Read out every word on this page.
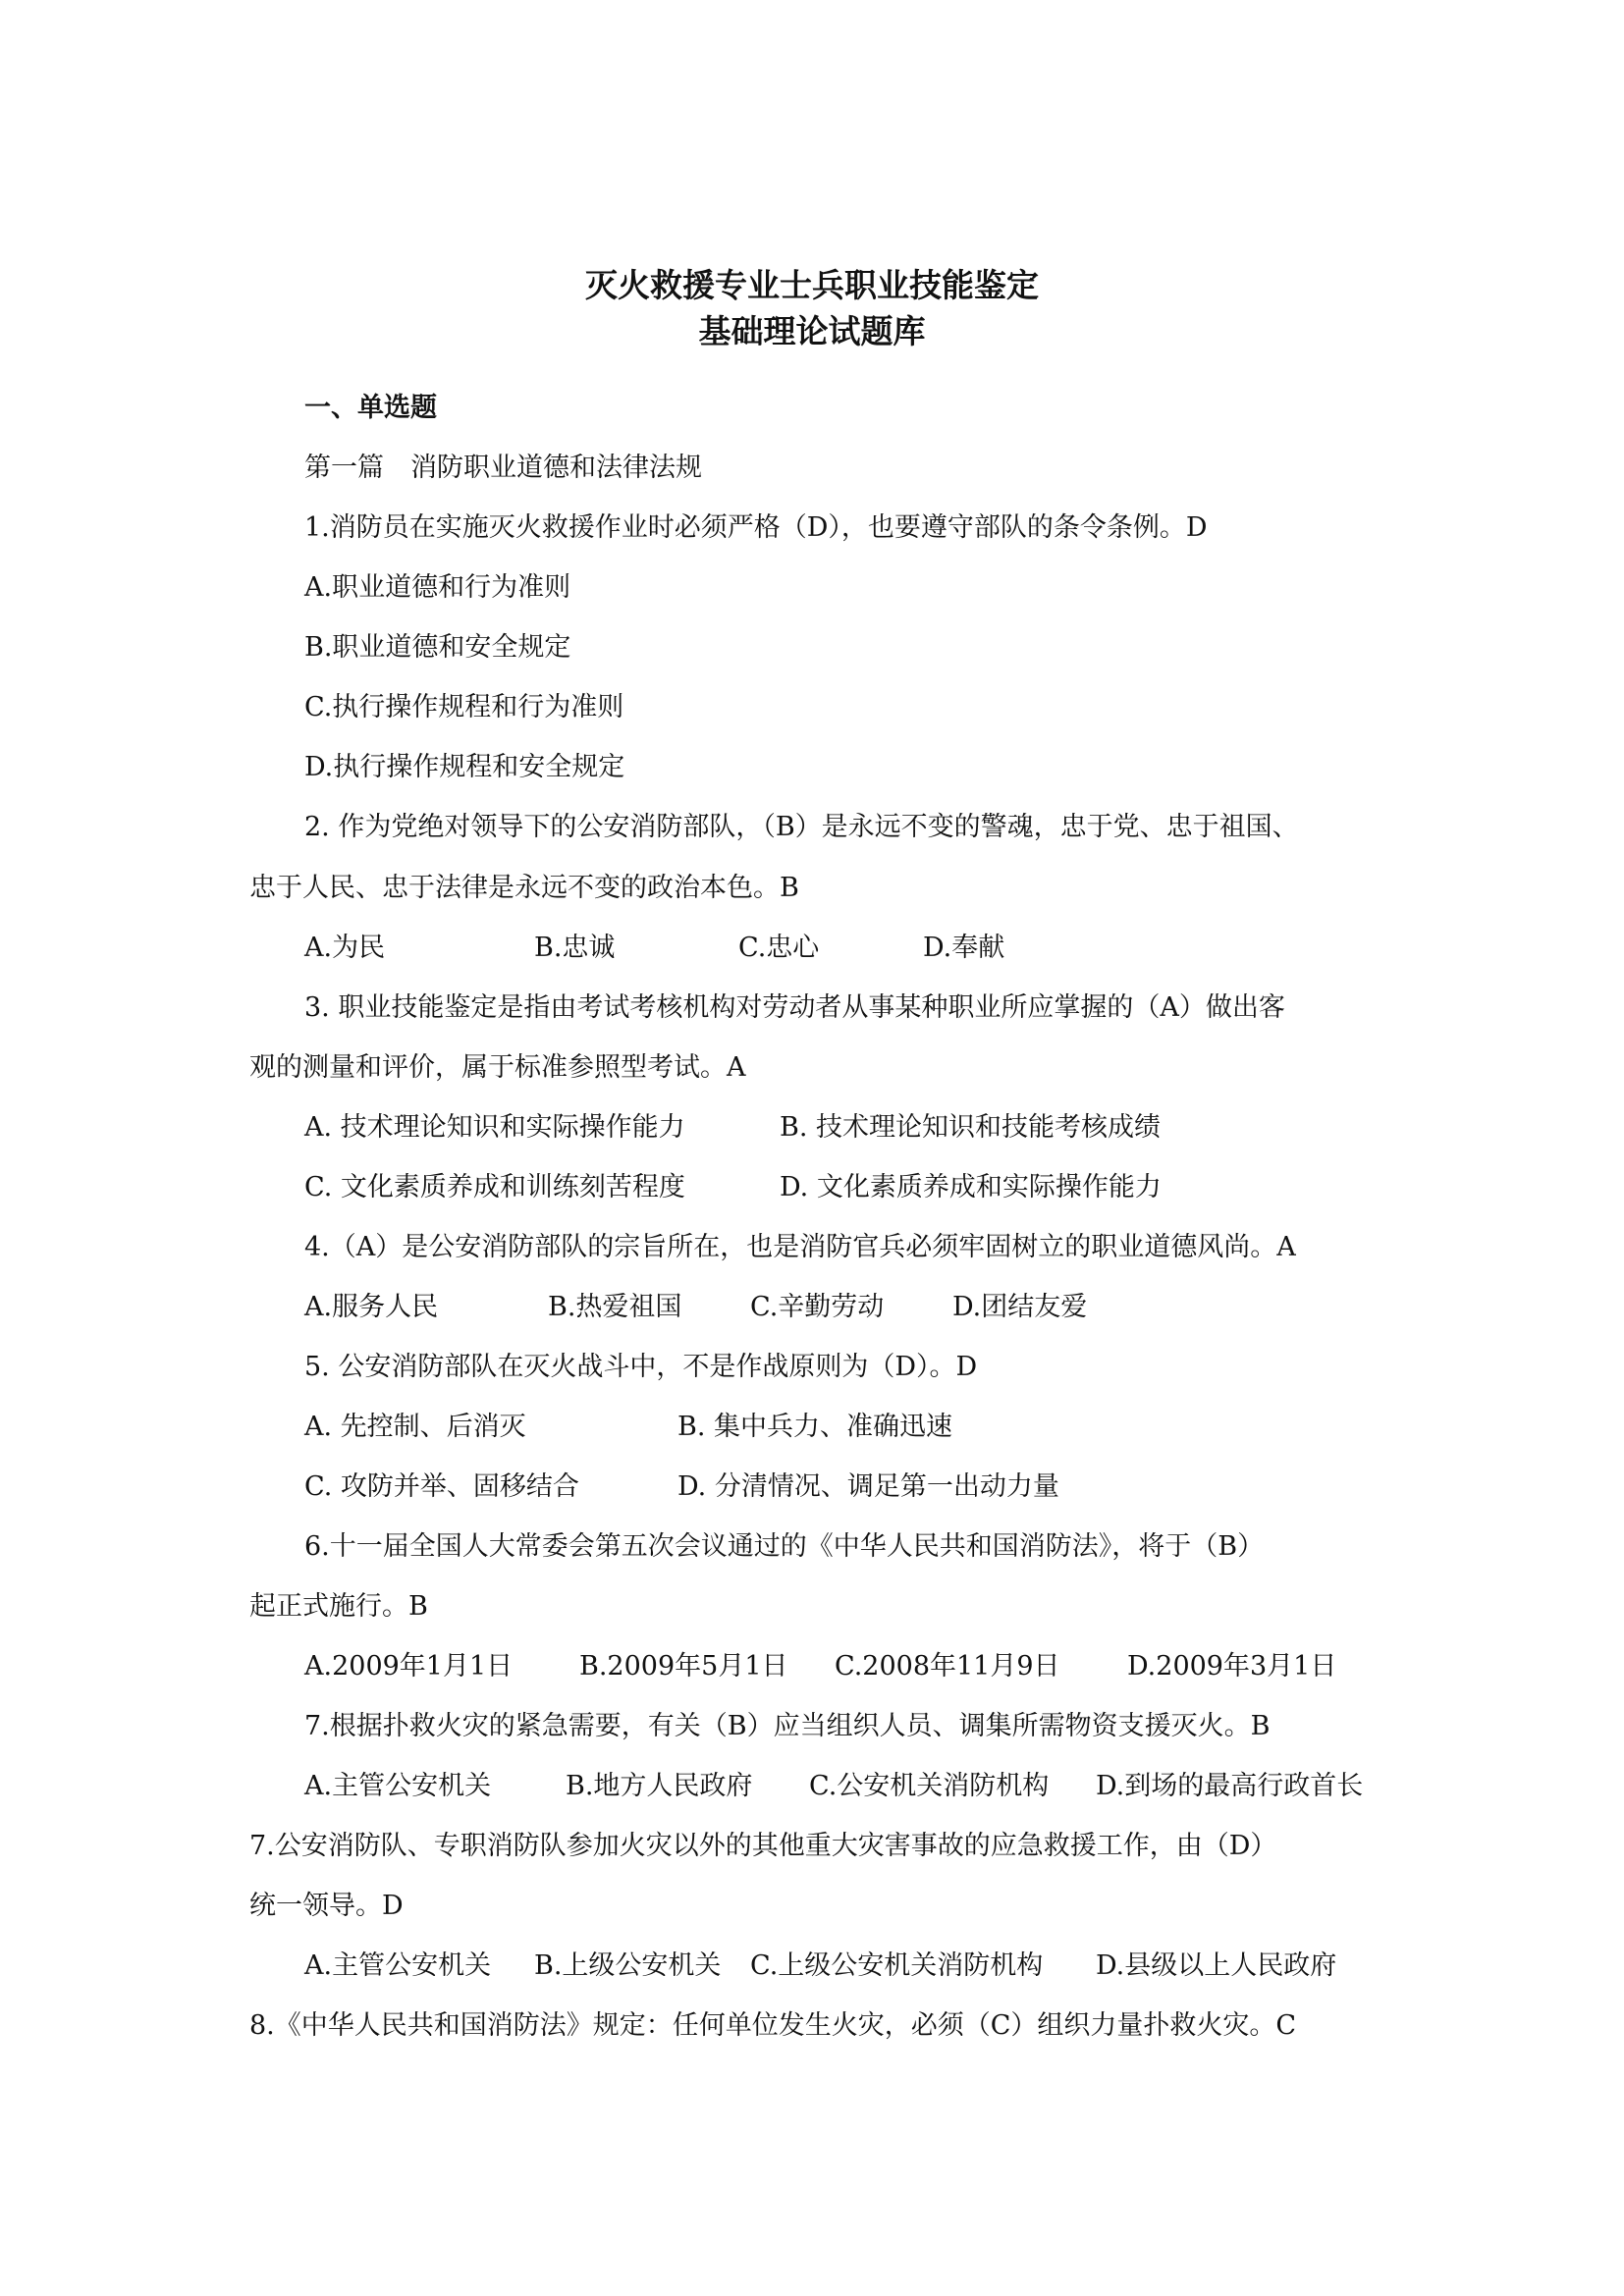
灭火救援专业士兵职业技能鉴定
基础理论试题库
一、单选题
第一篇　消防职业道德和法律法规
1.消防员在实施灭火救援作业时必须严格（D），也要遵守部队的条令条例。D
A.职业道德和行为准则
B.职业道德和安全规定
C.执行操作规程和行为准则
D.执行操作规程和安全规定
2. 作为党绝对领导下的公安消防部队，（B）是永远不变的警魂，忠于党、忠于祖国、
忠于人民、忠于法律是永远不变的政治本色。B
A.为民	B.忠诚	C.忠心	D.奉献
3. 职业技能鉴定是指由考试考核机构对劳动者从事某种职业所应掌握的（A）做出客
观的测量和评价，属于标准参照型考试。A
A. 技术理论知识和实际操作能力	B. 技术理论知识和技能考核成绩
C. 文化素质养成和训练刻苦程度	D. 文化素质养成和实际操作能力
4.（A）是公安消防部队的宗旨所在，也是消防官兵必须牢固树立的职业道德风尚。A
A.服务人民	B.热爱祖国	C.辛勤劳动	D.团结友爱
5. 公安消防部队在灭火战斗中，不是作战原则为（D）。D
A. 先控制、后消灭	B. 集中兵力、准确迅速
C. 攻防并举、固移结合	D. 分清情况、调足第一出动力量
6.十一届全国人大常委会第五次会议通过的《中华人民共和国消防法》，将于（B）
起正式施行。B
A.2009年1月1日	B.2009年5月1日 C.2008年11月9日	D.2009年3月1日
7.根据扑救火灾的紧急需要，有关（B）应当组织人员、调集所需物资支援灭火。B
A.主管公安机关	B.地方人民政府 C.公安机关消防机构 D.到场的最高行政首长
7.公安消防队、专职消防队参加火灾以外的其他重大灾害事故的应急救援工作，由（D）
统一领导。D
A.主管公安机关 B.上级公安机关 C.上级公安机关消防机构 D.县级以上人民政府
8.《中华人民共和国消防法》规定：任何单位发生火灾，必须（C）组织力量扑救火灾。C
